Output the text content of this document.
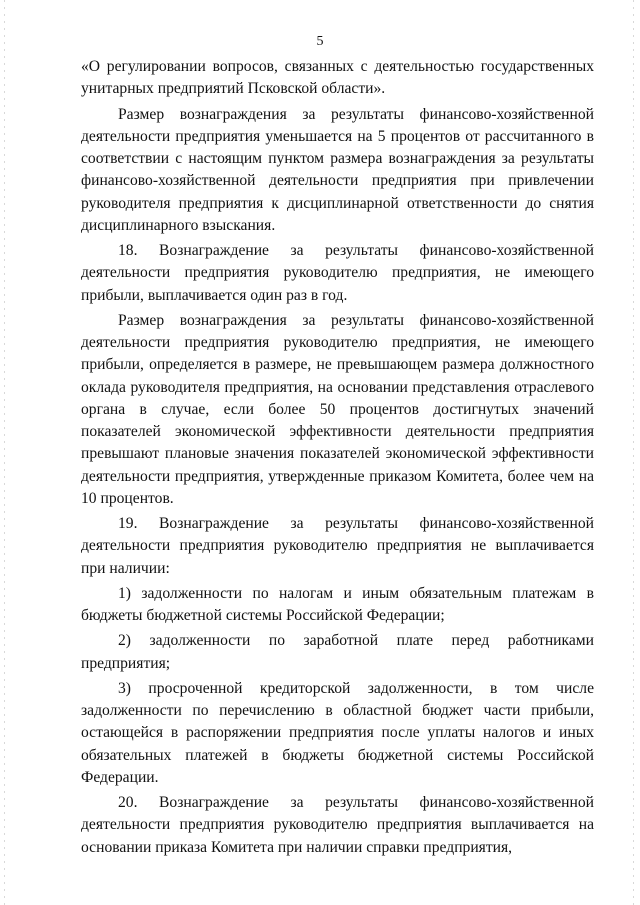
5

«О регулировании вопросов, связанных с деятельностью государственных унитарных предприятий Псковской области».

Размер вознаграждения за результаты финансово-хозяйственной деятельности предприятия уменьшается на 5 процентов от рассчитанного в соответствии с настоящим пунктом размера вознаграждения за результаты финансово-хозяйственной деятельности предприятия при привлечении руководителя предприятия к дисциплинарной ответственности до снятия дисциплинарного взыскания.

18. Вознаграждение за результаты финансово-хозяйственной деятельности предприятия руководителю предприятия, не имеющего прибыли, выплачивается один раз в год.

Размер вознаграждения за результаты финансово-хозяйственной деятельности предприятия руководителю предприятия, не имеющего прибыли, определяется в размере, не превышающем размера должностного оклада руководителя предприятия, на основании представления отраслевого органа в случае, если более 50 процентов достигнутых значений показателей экономической эффективности деятельности предприятия превышают плановые значения показателей экономической эффективности деятельности предприятия, утвержденные приказом Комитета, более чем на 10 процентов.

19. Вознаграждение за результаты финансово-хозяйственной деятельности предприятия руководителю предприятия не выплачивается при наличии:

1) задолженности по налогам и иным обязательным платежам в бюджеты бюджетной системы Российской Федерации;

2) задолженности по заработной плате перед работниками предприятия;

3) просроченной кредиторской задолженности, в том числе задолженности по перечислению в областной бюджет части прибыли, остающейся в распоряжении предприятия после уплаты налогов и иных обязательных платежей в бюджеты бюджетной системы Российской Федерации.

20. Вознаграждение за результаты финансово-хозяйственной деятельности предприятия руководителю предприятия выплачивается на основании приказа Комитета при наличии справки предприятия,
